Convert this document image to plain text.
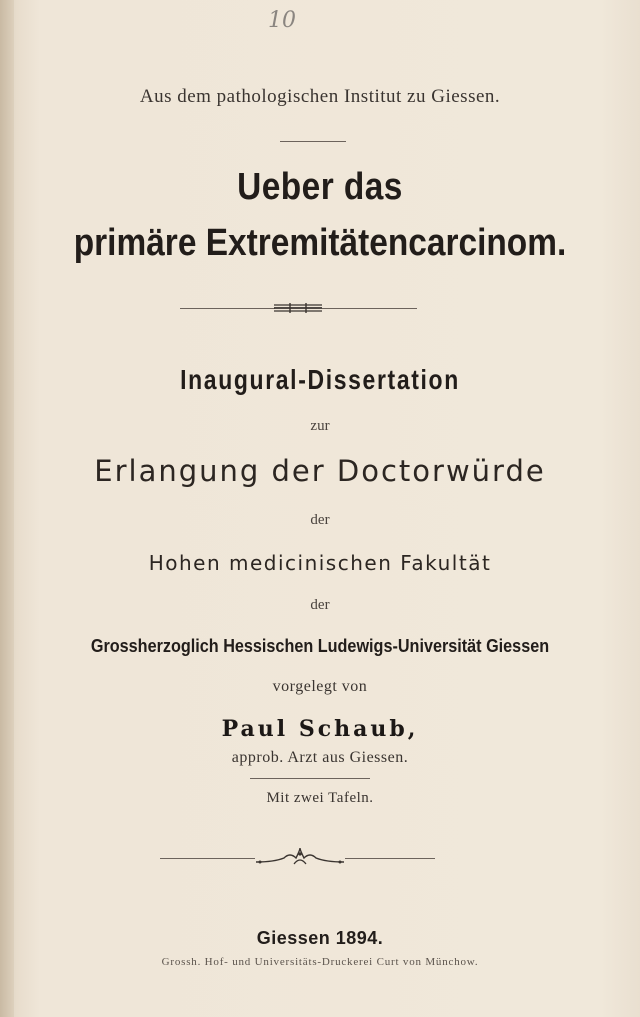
10
Aus dem pathologischen Institut zu Giessen.
Ueber das
primäre Extremitätencarcinom.
Inaugural-Dissertation
zur
Erlangung der Doctorwürde
der
Hohen medicinischen Fakultät
der
Grossherzoglich Hessischen Ludewigs-Universität Giessen
vorgelegt von
Paul Schaub,
approb. Arzt aus Giessen.
Mit zwei Tafeln.
Giessen 1894.
Grossh. Hof- und Universitäts-Druckerei Curt von Münchow.
